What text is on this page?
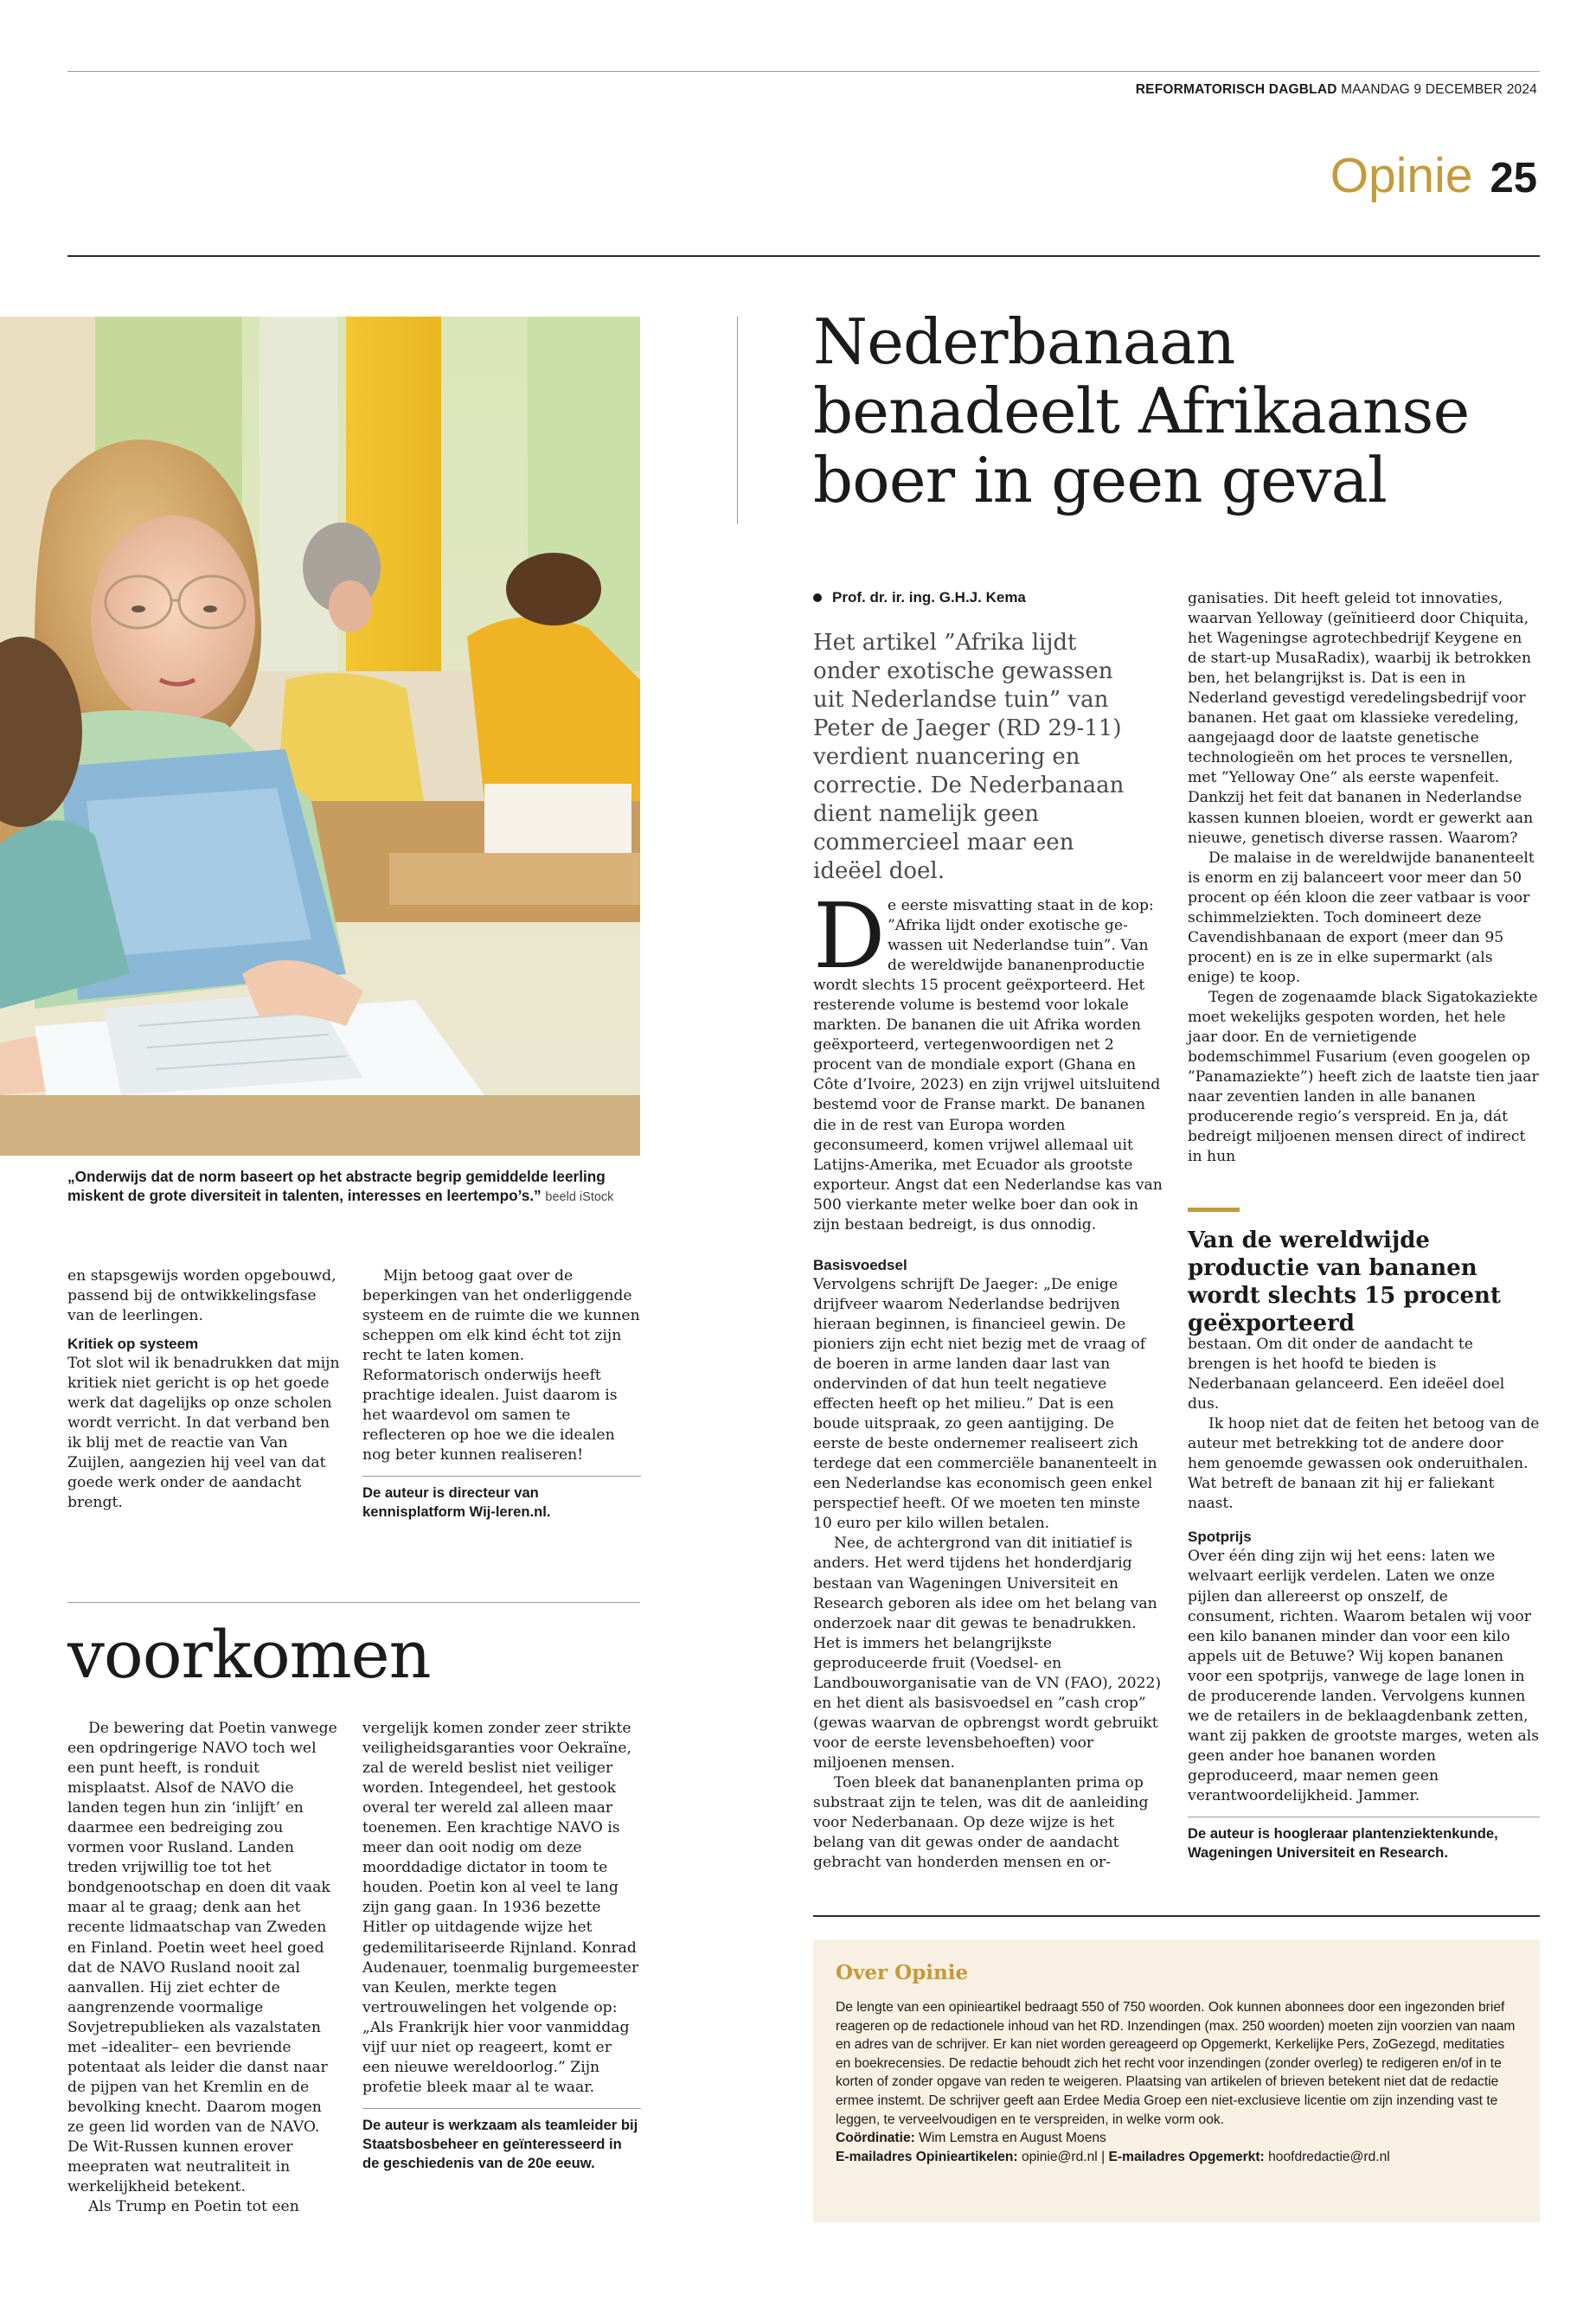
REFORMATORISCH DAGBLAD MAANDAG 9 DECEMBER 2024
Opinie 25
„Onderwijs dat de norm baseert op het abstracte begrip gemiddelde leerling miskent de grote diversiteit in talenten, interesses en leertempo’s.” beeld iStock

en stapsgewijs worden opgebouwd,
passend bij de ontwikkelingsfase
van de leerlingen.

Kritiek op systeem

Tot slot wil ik benadrukken dat mijn kritiek niet gericht is op het goede werk dat dagelijks op onze scholen wordt verricht. In dat verband ben ik blij met de reactie van Van Zuijlen, aangezien hij veel van dat goede werk onder de aandacht brengt.

Mijn betoog gaat over de beperkingen van het onderliggende systeem en de ruimte die we kunnen scheppen om elk kind écht tot zijn recht te laten komen. Reformatorisch onderwijs heeft prachtige idealen. Juist daarom is het waardevol om samen te reflecteren op hoe we die idealen nog beter kunnen realiseren!

De auteur is directeur van kennisplatform Wij-leren.nl.
voorkomen

De bewering dat Poetin vanwege een opdringerige NAVO toch wel een punt heeft, is ronduit misplaatst. Alsof de NAVO die landen tegen hun zin ‘inlijft’ en daarmee een bedreiging zou vormen voor Rusland. Landen treden vrijwillig toe tot het bondgenootschap en doen dit vaak maar al te graag; denk aan het recente lidmaatschap van Zweden en Finland. Poetin weet heel goed dat de NAVO Rusland nooit zal aanvallen. Hij ziet echter de aangrenzende voormalige Sovjetrepublieken als vazalstaten met –idealiter– een bevriende potentaat als leider die danst naar de pijpen van het Kremlin en de bevolking knecht. Daarom mogen ze geen lid worden van de NAVO. De Wit-Russen kunnen erover meepraten wat neutraliteit in werkelijkheid betekent.

Als Trump en Poetin tot een

vergelijk komen zonder zeer strikte veiligheidsgaranties voor Oekraïne, zal de wereld beslist niet veiliger worden. Integendeel, het gestook overal ter wereld zal alleen maar toenemen. Een krachtige NAVO is meer dan ooit nodig om deze moorddadige dictator in toom te houden. Poetin kon al veel te lang zijn gang gaan. In 1936 bezette Hitler op uitdagende wijze het gedemilitariseerde Rijnland. Konrad Audenauer, toenmalig burgemeester van Keulen, merkte tegen vertrouwelingen het volgende op: „Als Frankrijk hier voor vanmiddag vijf uur niet op reageert, komt er een nieuwe wereldoorlog.” Zijn profetie bleek maar al te waar.

De auteur is werkzaam als teamleider bij Staatsbosbeheer en geïnteresseerd in de geschiedenis van de 20e eeuw.
Nederbanaan benadeelt Afrikaanse boer in geen geval
Prof. dr. ir. ing. G.H.J. Kema
Het artikel ”Afrika lijdt onder exotische gewassen uit Nederlandse tuin” van Peter de Jaeger (RD 29-11) verdient nuancering en correctie. De Nederbanaan dient namelijk geen commercieel maar een ideëel doel.
D e eerste misvatting staat in de kop:
”Afrika lijdt onder exotische ge-
wassen uit Nederlandse tuin”. Van
de wereldwijde bananenproductie

wordt slechts 15 procent geëxporteerd. Het resterende volume is bestemd voor lokale markten. De bananen die uit Afrika worden geëxporteerd, vertegenwoordigen net 2 procent van de mondiale export (Ghana en Côte d’Ivoire, 2023) en zijn vrijwel uitsluitend bestemd voor de Franse markt. De bananen die in de rest van Europa worden geconsumeerd, komen vrijwel allemaal uit Latijns-Amerika, met Ecuador als grootste exporteur. Angst dat een Nederlandse kas van 500 vierkante meter welke boer dan ook in zijn bestaan bedreigt, is dus onnodig.

Basisvoedsel

Vervolgens schrijft De Jaeger: „De enige drijfveer waarom Nederlandse bedrijven hieraan beginnen, is financieel gewin. De pioniers zijn echt niet bezig met de vraag of de boeren in arme landen daar last van ondervinden of dat hun teelt negatieve effecten heeft op het milieu.” Dat is een boude uitspraak, zo geen aantijging. De eerste de beste ondernemer realiseert zich terdege dat een commerciële bananenteelt in een Nederlandse kas economisch geen enkel perspectief heeft. Of we moeten ten minste 10 euro per kilo willen betalen.

Nee, de achtergrond van dit initiatief is anders. Het werd tijdens het honderdjarig bestaan van Wageningen Universiteit en Research geboren als idee om het belang van onderzoek naar dit gewas te benadrukken. Het is immers het belangrijkste geproduceerde fruit (Voedsel- en Landbouworganisatie van de VN (FAO), 2022) en het dient als basisvoedsel en ”cash crop” (gewas waarvan de opbrengst wordt gebruikt voor de eerste levensbehoeften) voor miljoenen mensen.

Toen bleek dat bananenplanten prima op substraat zijn te telen, was dit de aanleiding voor Nederbanaan. Op deze wijze is het belang van dit gewas onder de aandacht gebracht van honderden mensen en or-

ganisaties. Dit heeft geleid tot innovaties, waarvan Yelloway (geïnitieerd door Chiquita, het Wageningse agrotechbedrijf Keygene en de start-up MusaRadix), waarbij ik betrokken ben, het belangrijkst is. Dat is een in Nederland gevestigd veredelingsbedrijf voor bananen. Het gaat om klassieke veredeling, aangejaagd door de laatste genetische technologieën om het proces te versnellen, met ”Yelloway One” als eerste wapenfeit. Dankzij het feit dat bananen in Nederlandse kassen kunnen bloeien, wordt er gewerkt aan nieuwe, genetisch diverse rassen. Waarom?

De malaise in de wereldwijde bananenteelt is enorm en zij balanceert voor meer dan 50 procent op één kloon die zeer vatbaar is voor schimmelziekten. Toch domineert deze Cavendishbanaan de export (meer dan 95 procent) en is ze in elke supermarkt (als enige) te koop.

Tegen de zogenaamde black Sigatokaziekte moet wekelijks gespoten worden, het hele jaar door. En de vernietigende bodemschimmel Fusarium (even googelen op ”Panamaziekte”) heeft zich de laatste tien jaar naar zeventien landen in alle bananen producerende regio’s verspreid. En ja, dát bedreigt miljoenen mensen direct of indirect in hun

Van de wereldwijde productie van bananen wordt slechts 15 procent geëxporteerd

bestaan. Om dit onder de aandacht te brengen is het hoofd te bieden is Nederbanaan gelanceerd. Een ideëel doel dus.

Ik hoop niet dat de feiten het betoog van de auteur met betrekking tot de andere door hem genoemde gewassen ook onderuithalen. Wat betreft de banaan zit hij er faliekant naast.

Spotprijs

Over één ding zijn wij het eens: laten we welvaart eerlijk verdelen. Laten we onze pijlen dan allereerst op onszelf, de consument, richten. Waarom betalen wij voor een kilo bananen minder dan voor een kilo appels uit de Betuwe? Wij kopen bananen voor een spotprijs, vanwege de lage lonen in de producerende landen. Vervolgens kunnen we de retailers in de beklaagdenbank zetten, want zij pakken de grootste marges, weten als geen ander hoe bananen worden geproduceerd, maar nemen geen verantwoordelijkheid. Jammer.

De auteur is hoogleraar plantenziektenkunde, Wageningen Universiteit en Research.
Over Opinie
De lengte van een opinieartikel bedraagt 550 of 750 woorden. Ook kunnen abonnees door een ingezonden brief reageren op de redactionele inhoud van het RD. Inzendingen (max. 250 woorden) moeten zijn voorzien van naam en adres van de schrijver. Er kan niet worden gereageerd op Opgemerkt, Kerkelijke Pers, ZoGezegd, meditaties en boekrecensies. De redactie behoudt zich het recht voor inzendingen (zonder overleg) te redigeren en/of in te korten of zonder opgave van reden te weigeren. Plaatsing van artikelen of brieven betekent niet dat de redactie ermee instemt. De schrijver geeft aan Erdee Media Groep een niet-exclusieve licentie om zijn inzending vast te leggen, te verveelvoudigen en te verspreiden, in welke vorm ook.
Coördinatie: Wim Lemstra en August Moens
E-mailadres Opinieartikelen: opinie@rd.nl | E-mailadres Opgemerkt: hoofdredactie@rd.nl
